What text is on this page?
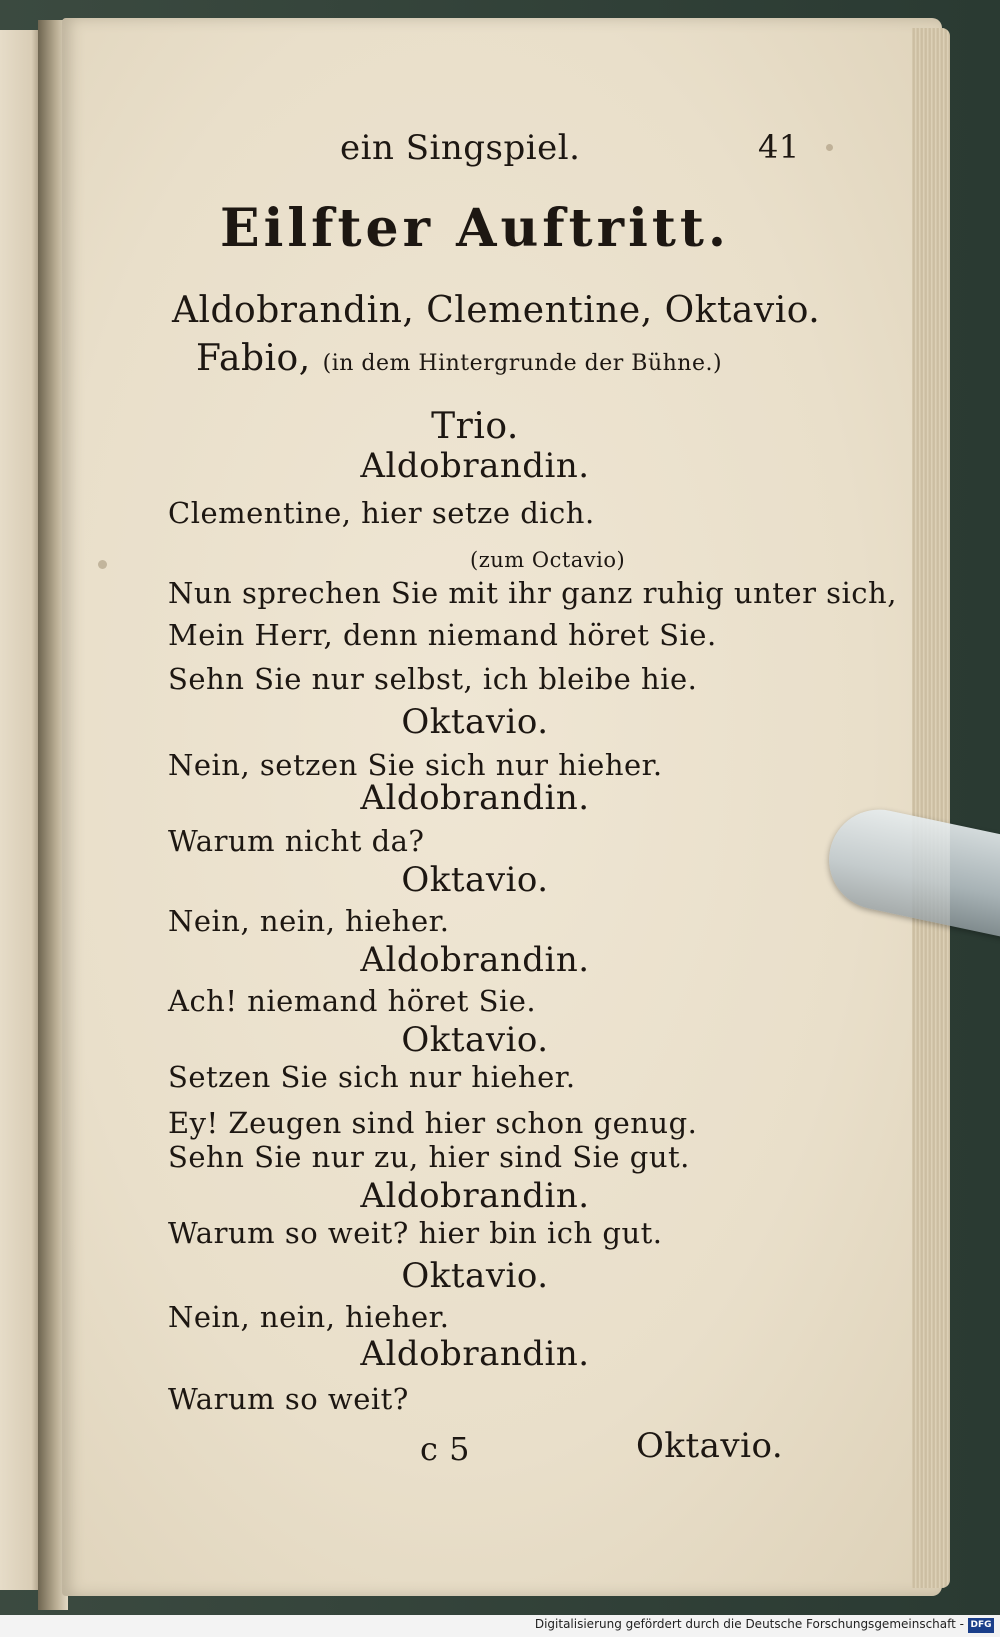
ein Singspiel.	41
Eilfter Auftritt.
Aldobrandin, Clementine, Oktavio.
Fabio, (in dem Hintergrunde der Bühne.)
Trio.
Aldobrandin.
Clementine, hier setze dich.
(zum Octavio)
Nun sprechen Sie mit ihr ganz ruhig unter sich,
Mein Herr, denn niemand höret Sie.
Sehn Sie nur selbst, ich bleibe hie.
Oktavio.
Nein, setzen Sie sich nur hieher.
Aldobrandin.
Warum nicht da?
Oktavio.
Nein, nein, hieher.
Aldobrandin.
Ach! niemand höret Sie.
Oktavio.
Setzen Sie sich nur hieher.
Ey! Zeugen sind hier schon genug.
Sehn Sie nur zu, hier sind Sie gut.
Aldobrandin.
Warum so weit? hier bin ich gut.
Oktavio.
Nein, nein, hieher.
Aldobrandin.
Warum so weit?
c 5	Oktavio.
Digitalisierung gefördert durch die Deutsche Forschungsgemeinschaft - DFG
